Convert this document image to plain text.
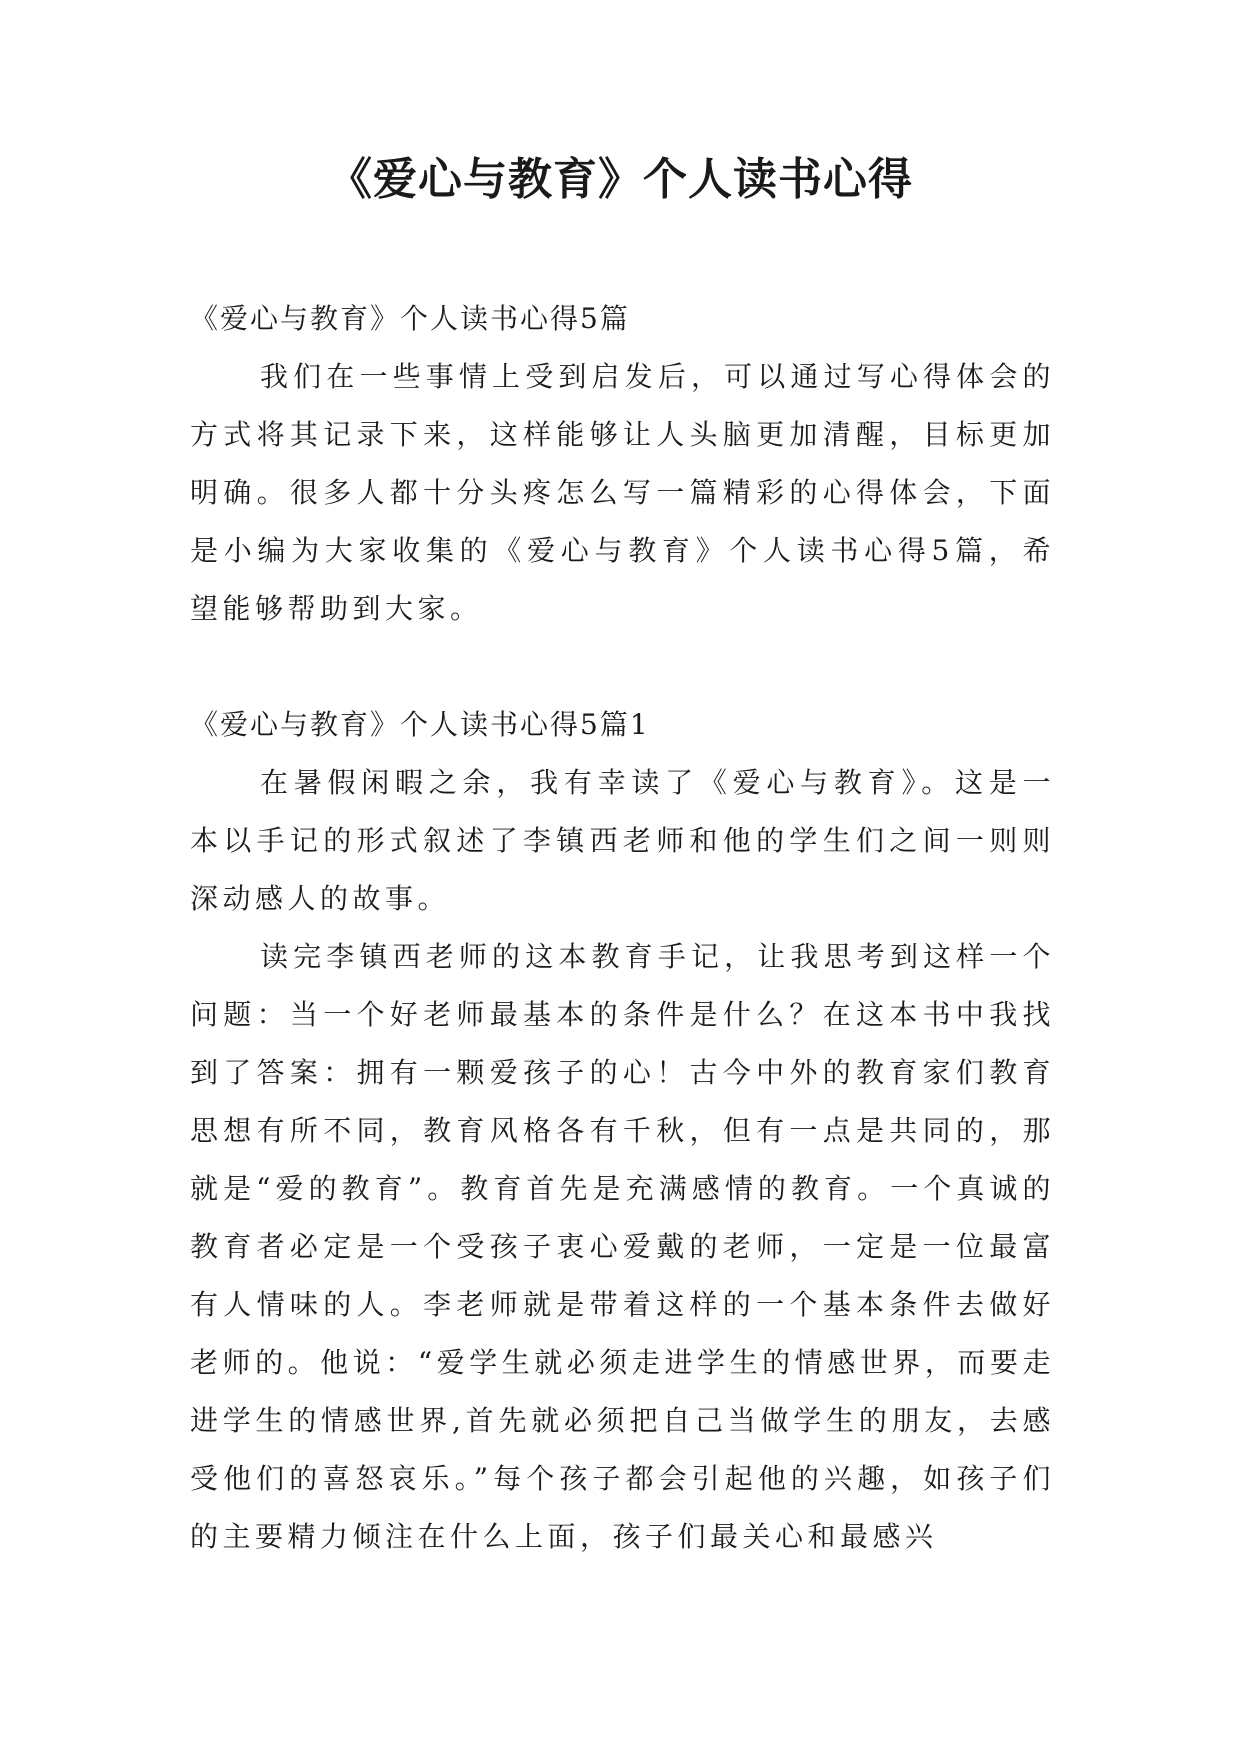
《爱心与教育》个人读书心得

《爱心与教育》个人读书心得5篇

我们在一些事情上受到启发后，可以通过写心得体会的方式将其记录下来，这样能够让人头脑更加清醒，目标更加明确。很多人都十分头疼怎么写一篇精彩的心得体会，下面是小编为大家收集的《爱心与教育》个人读书心得5篇，希望能够帮助到大家。

《爱心与教育》个人读书心得5篇1

在暑假闲暇之余，我有幸读了《爱心与教育》。这是一本以手记的形式叙述了李镇西老师和他的学生们之间一则则深动感人的故事。

读完李镇西老师的这本教育手记，让我思考到这样一个问题：当一个好老师最基本的条件是什么？在这本书中我找到了答案：拥有一颗爱孩子的心！古今中外的教育家们教育思想有所不同，教育风格各有千秋，但有一点是共同的，那就是“爱的教育”。教育首先是充满感情的教育。一个真诚的教育者必定是一个受孩子衷心爱戴的老师，一定是一位最富有人情味的人。李老师就是带着这样的一个基本条件去做好老师的。他说：“爱学生就必须走进学生的情感世界，而要走进学生的情感世界,首先就必须把自己当做学生的朋友，去感受他们的喜怒哀乐。”每个孩子都会引起他的兴趣，如孩子们的主要精力倾注在什么上面，孩子们最关心和最感兴
